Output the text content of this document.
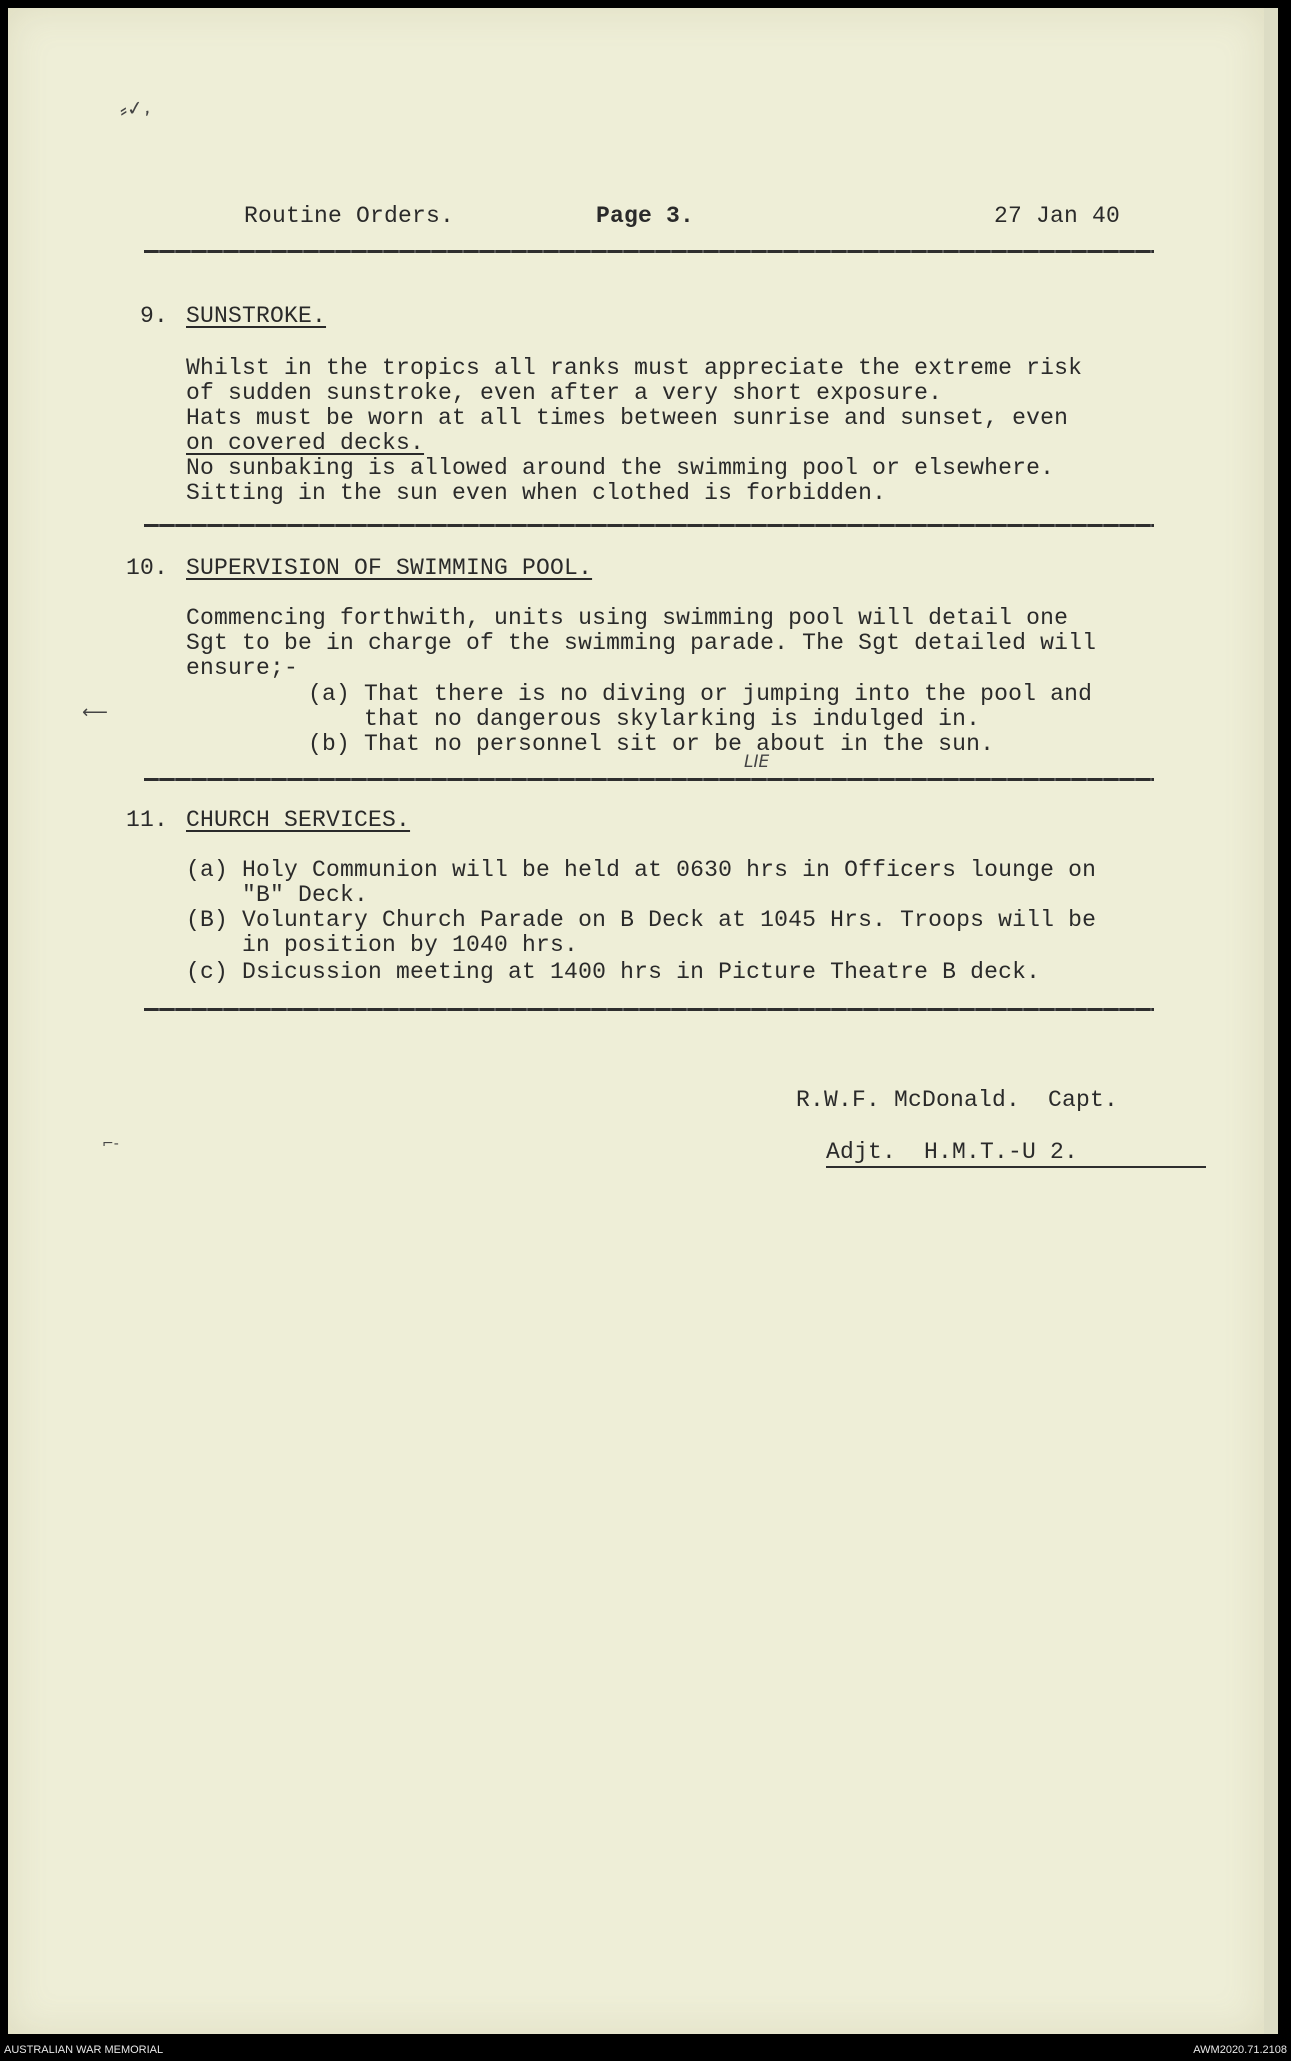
⸗✓,
Routine Orders.	Page 3.	27 Jan 40
9. SUNSTROKE.
Whilst in the tropics all ranks must appreciate the extreme risk
of sudden sunstroke, even after a very short exposure.
Hats must be worn at all times between sunrise and sunset, even
on covered decks.
No sunbaking is allowed around the swimming pool or elsewhere.
Sitting in the sun even when clothed is forbidden.
10. SUPERVISION OF SWIMMING POOL.
Commencing forthwith, units using swimming pool will detail one
Sgt to be in charge of the swimming parade. The Sgt detailed will
ensure;-
(a) That there is no diving or jumping into the pool and
that no dangerous skylarking is indulged in.
(b) That no personnel sit or be about in the sun.
LIE
⟵
11. CHURCH SERVICES.
(a) Holy Communion will be held at 0630 hrs in Officers lounge on
"B" Deck.
(B) Voluntary Church Parade on B Deck at 1045 Hrs. Troops will be
in position by 1040 hrs.
(c) Dsicussion meeting at 1400 hrs in Picture Theatre B deck.
R.W.F. McDonald.  Capt.
Adjt.  H.M.T.-U 2.
⌐‐
AUSTRALIAN WAR MEMORIAL	AWM2020.71.2108
